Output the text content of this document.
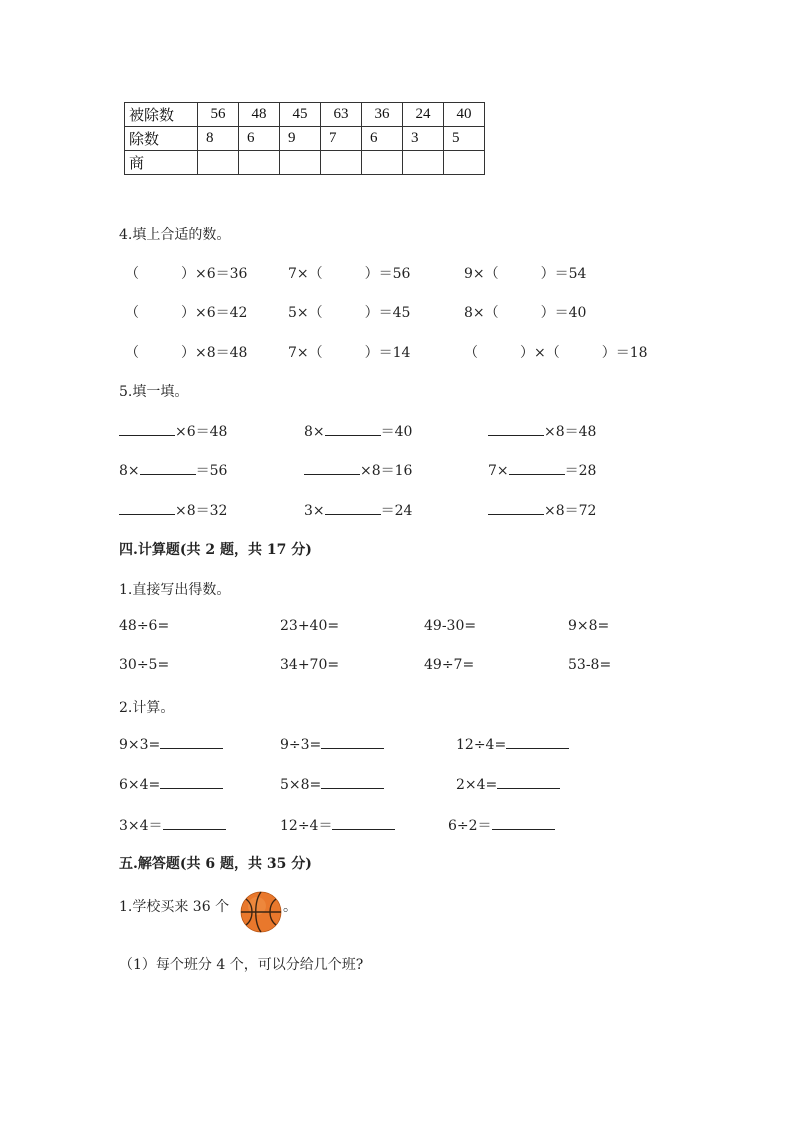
被除数	56	48	45	63	36	24	40
除数	8	6	9	7	6	3	5
商							
4.填上合适的数。
（　　　）×6＝36	7×（　　　）＝56	9×（　　　）＝54
（　　　）×6＝42	5×（　　　）＝45	8×（　　　）＝40
（　　　）×8＝48	7×（　　　）＝14	（　　　）×（　　　）＝18
5.填一填。
×6＝48	8×	＝40	×8＝48
8×	＝56	×8＝16	7×	＝28
×8＝32	3×	＝24	×8＝72
四.计算题(共 2 题，共 17 分)
1.直接写出得数。
48÷6=	23+40=	49-30=	9×8=
30÷5=	34+70=	49÷7=	53-8=
2.计算。
9×3=	9÷3=	12÷4=
6×4=	5×8=	2×4=
3×4＝	12÷4＝	6÷2＝
五.解答题(共 6 题，共 35 分)
1.学校买来 36 个	。
（1）每个班分 4 个，可以分给几个班?
